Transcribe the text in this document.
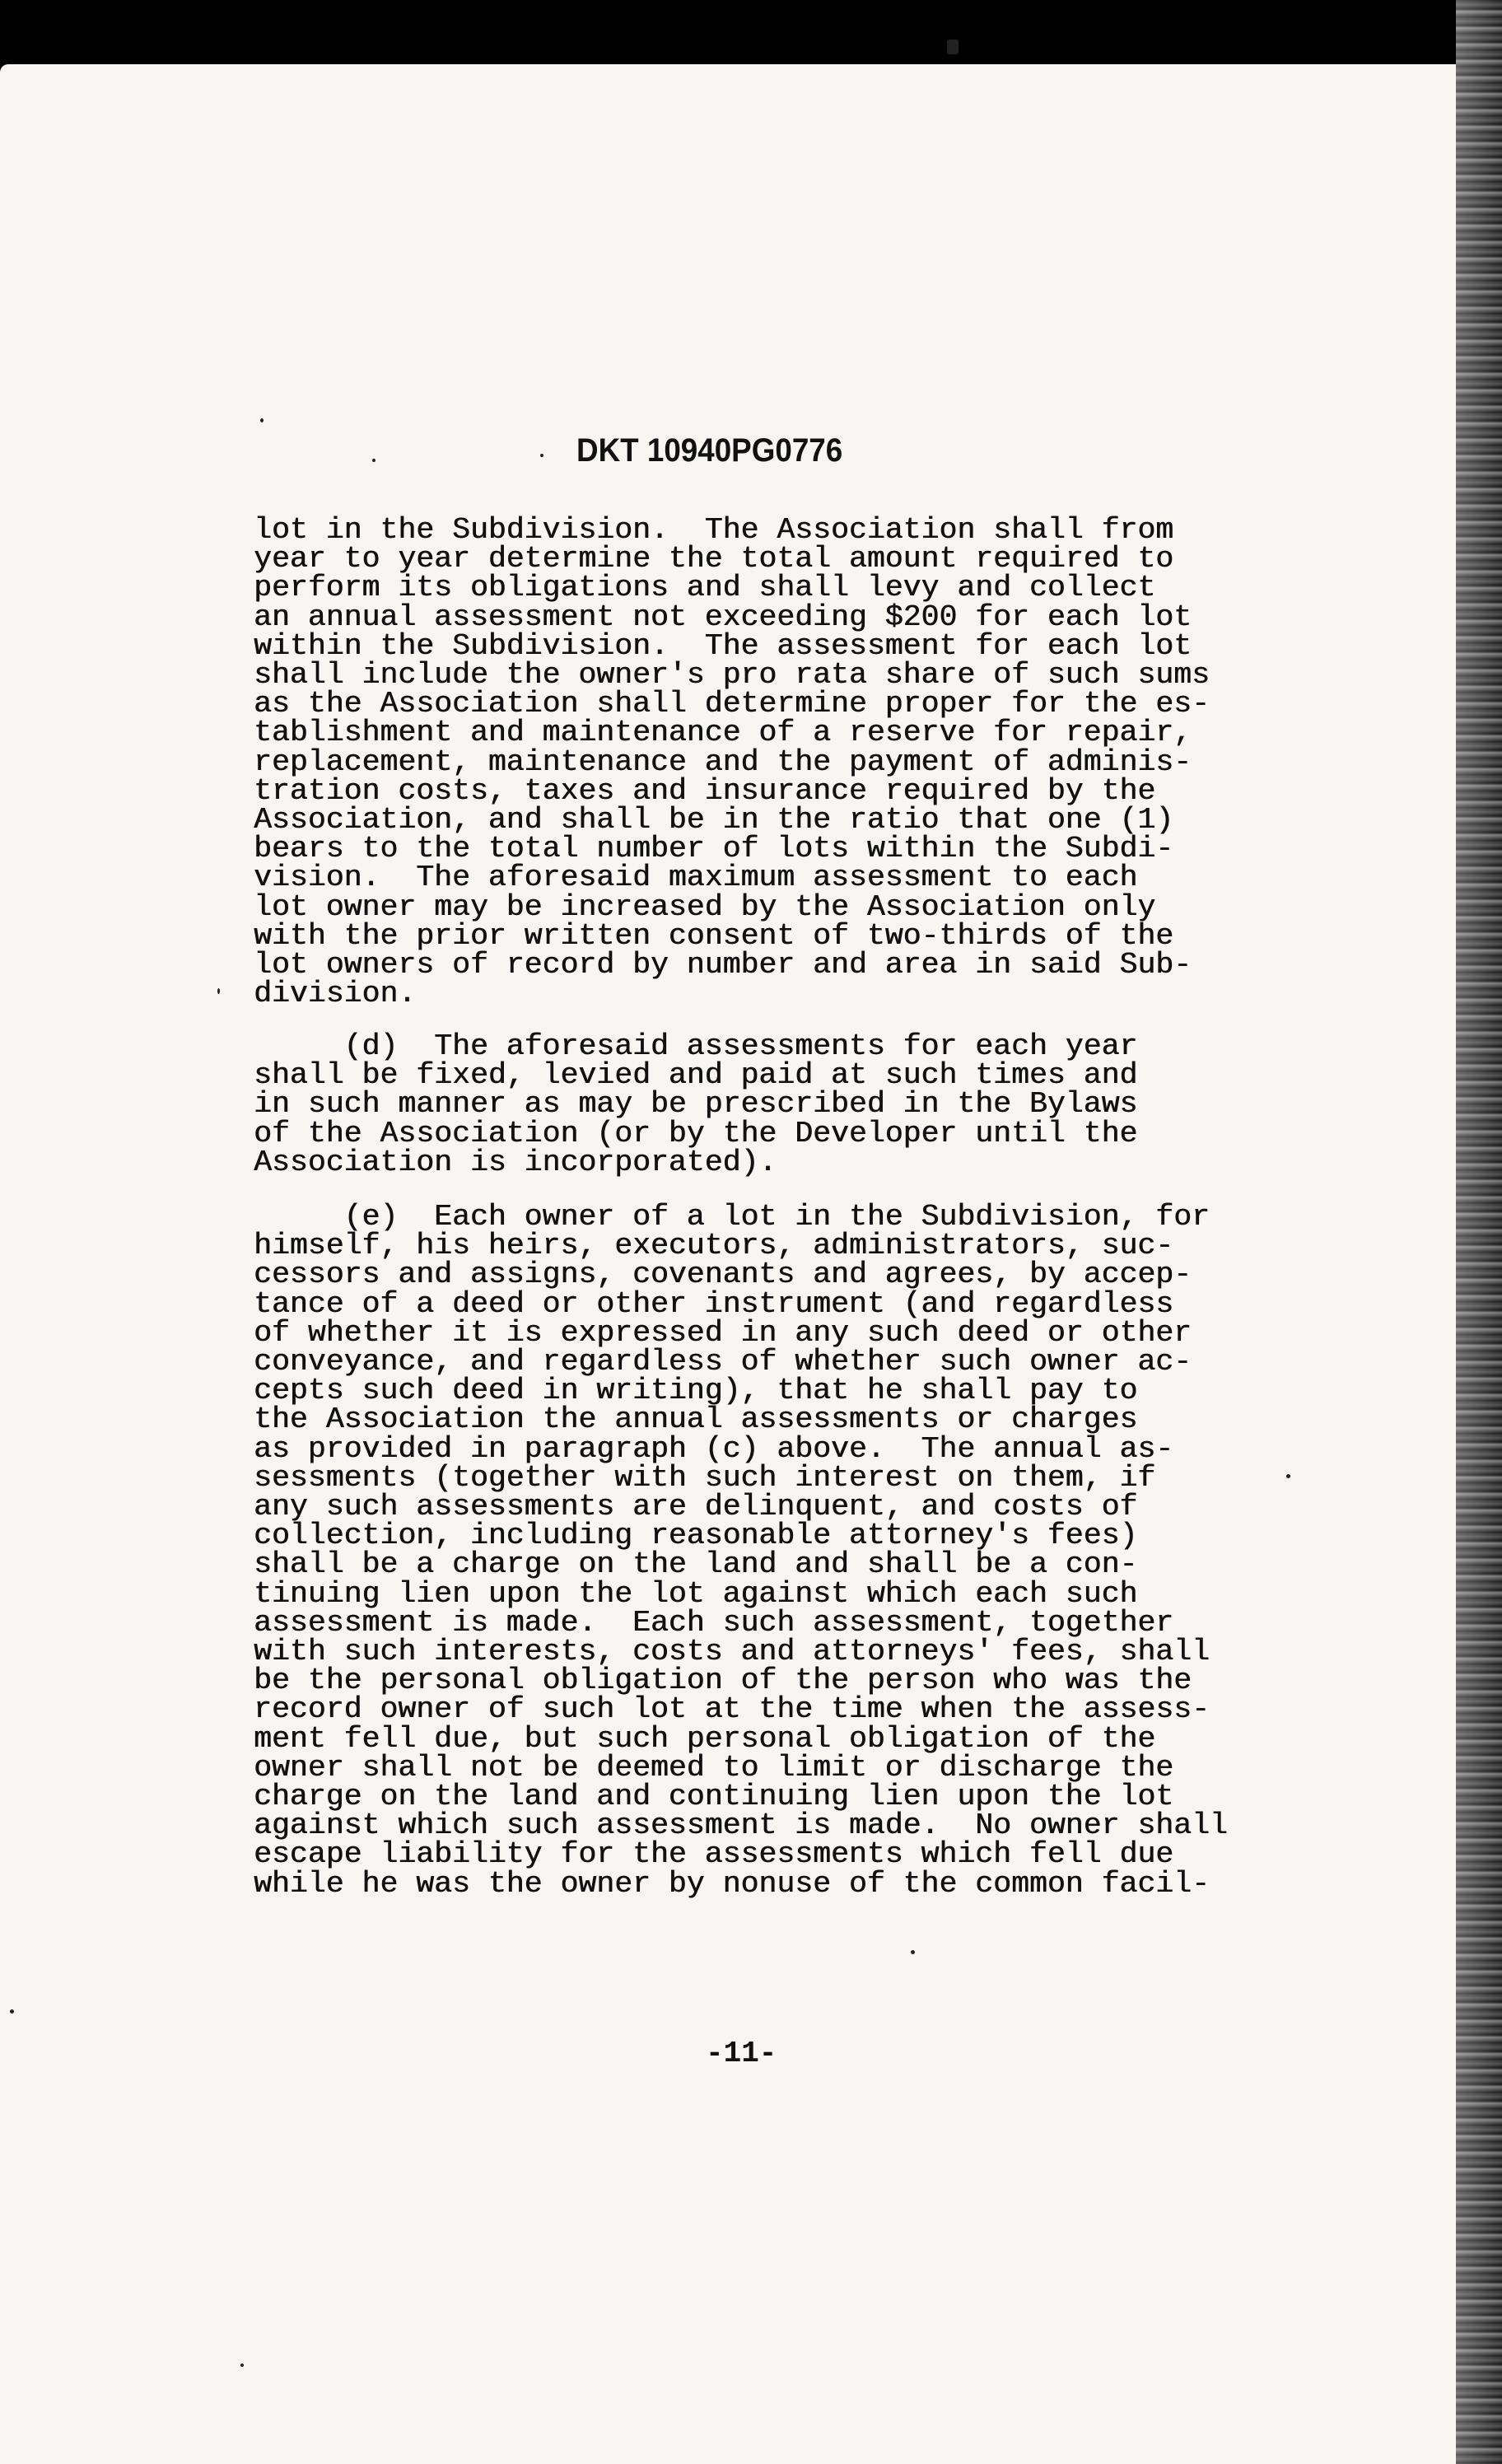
DKT 10940PG0776
lot in the Subdivision.  The Association shall from
year to year determine the total amount required to
perform its obligations and shall levy and collect
an annual assessment not exceeding $200 for each lot
within the Subdivision.  The assessment for each lot
shall include the owner's pro rata share of such sums
as the Association shall determine proper for the es-
tablishment and maintenance of a reserve for repair,
replacement, maintenance and the payment of adminis-
tration costs, taxes and insurance required by the
Association, and shall be in the ratio that one (1)
bears to the total number of lots within the Subdi-
vision.  The aforesaid maximum assessment to each
lot owner may be increased by the Association only
with the prior written consent of two-thirds of the
lot owners of record by number and area in said Sub-
division.
(d)  The aforesaid assessments for each year
shall be fixed, levied and paid at such times and
in such manner as may be prescribed in the Bylaws
of the Association (or by the Developer until the
Association is incorporated).
(e)  Each owner of a lot in the Subdivision, for
himself, his heirs, executors, administrators, suc-
cessors and assigns, covenants and agrees, by accep-
tance of a deed or other instrument (and regardless
of whether it is expressed in any such deed or other
conveyance, and regardless of whether such owner ac-
cepts such deed in writing), that he shall pay to
the Association the annual assessments or charges
as provided in paragraph (c) above.  The annual as-
sessments (together with such interest on them, if
any such assessments are delinquent, and costs of
collection, including reasonable attorney's fees)
shall be a charge on the land and shall be a con-
tinuing lien upon the lot against which each such
assessment is made.  Each such assessment, together
with such interests, costs and attorneys' fees, shall
be the personal obligation of the person who was the
record owner of such lot at the time when the assess-
ment fell due, but such personal obligation of the
owner shall not be deemed to limit or discharge the
charge on the land and continuing lien upon the lot
against which such assessment is made.  No owner shall
escape liability for the assessments which fell due
while he was the owner by nonuse of the common facil-
-11-
